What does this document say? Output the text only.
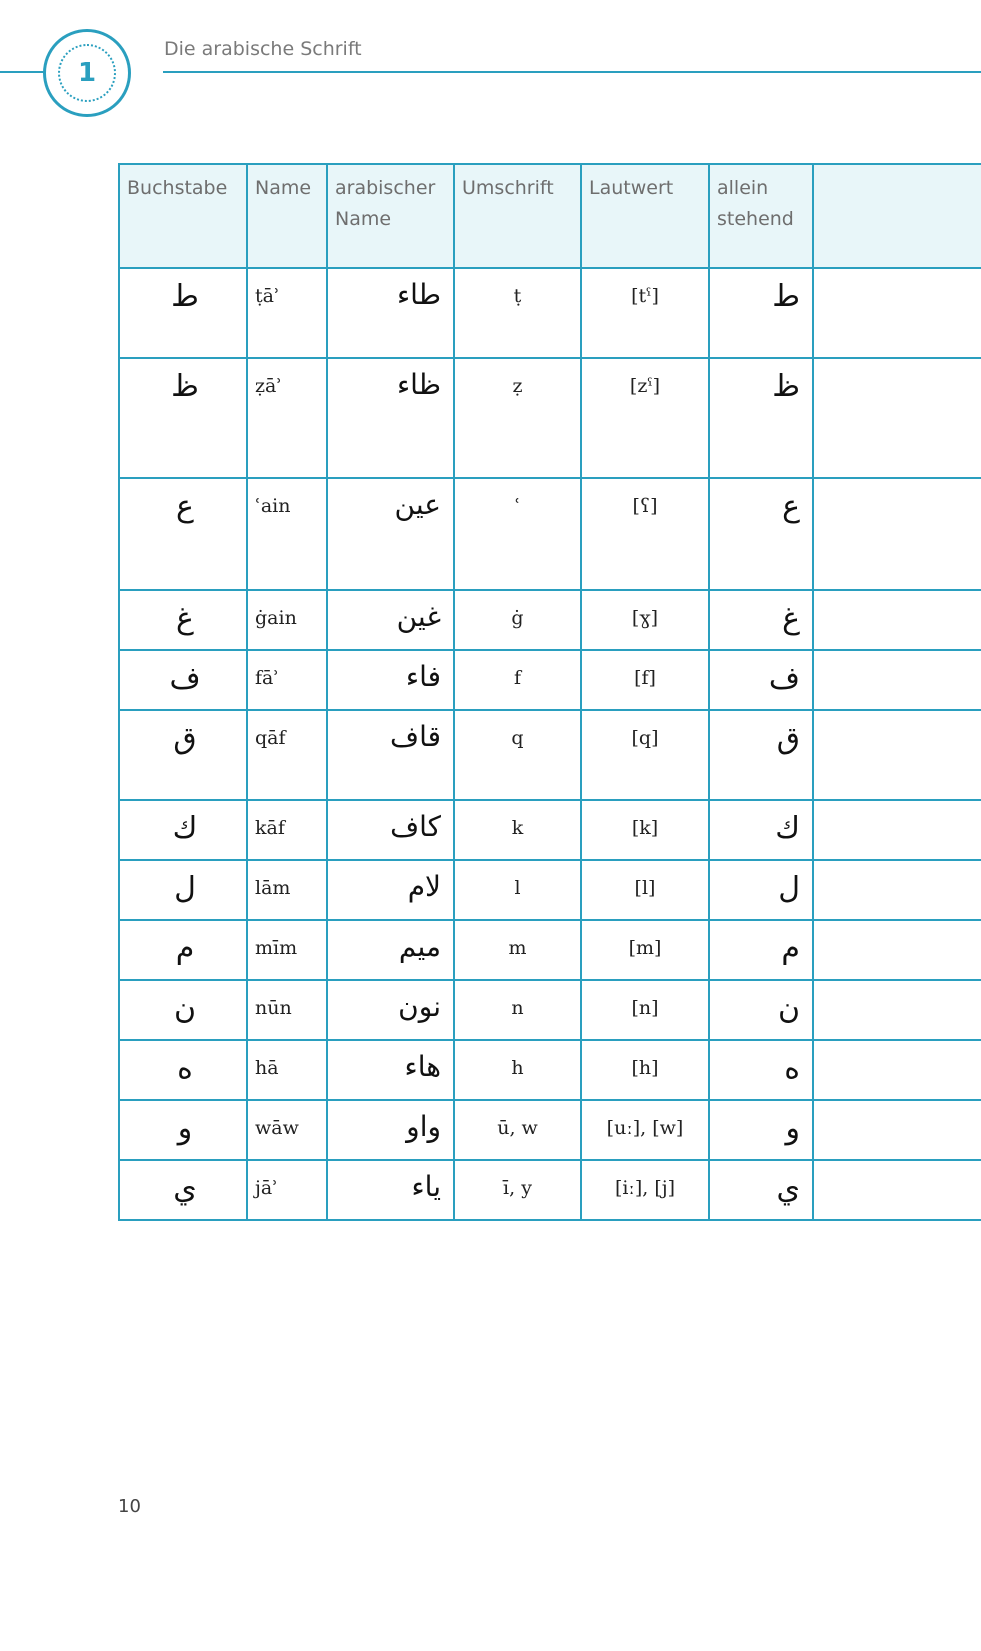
1
Die arabische Schrift
Buchstabe	Name	arabischer Name	Umschrift	Lautwert	allein stehend	

ط	ṭāʾ	طاء	ṭ	[tˤ]	ط	

ظ	ẓāʾ	ظاء	ẓ	[zˤ]	ظ	

ع	ʿain	عين	ʿ	[ʕ]	ع	

غ	ġain	غين	ġ	[ɣ]	غ	

ف	fāʾ	فاء	f	[f]	ف	

ق	qāf	قاف	q	[q]	ق	

ك	kāf	كاف	k	[k]	ك	

ل	lām	لام	l	[l]	ل	

م	mīm	ميم	m	[m]	م	

ن	nūn	نون	n	[n]	ن	

ه	hā	هاء	h	[h]	ه	

و	wāw	واو	ū, w	[uː], [w]	و	

ي	jāʾ	ياء	ī, y	[iː], [j]	ي	

10
